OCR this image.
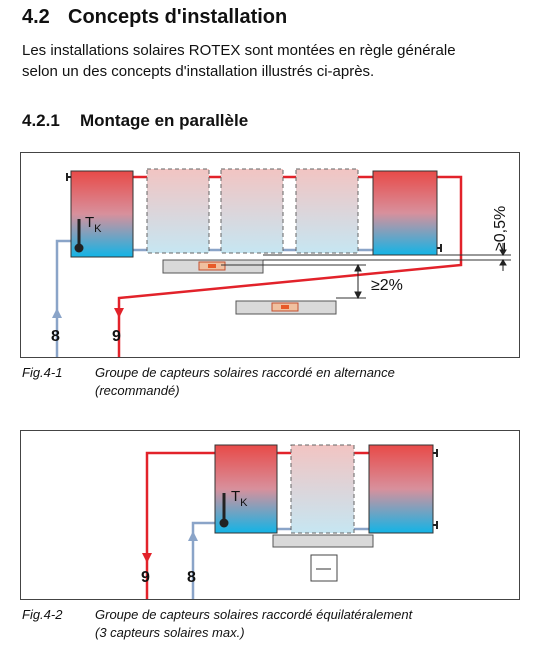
4.2 Concepts d'installation
Les installations solaires ROTEX sont montées en règle générale
selon un des concepts d'installation illustrés ci-après.
4.2.1 Montage en parallèle
$T_K$	≥0,5%
≥2%
8	9
Fig.4-1	Groupe de capteurs solaires raccordé en alternance
(recommandé)
$T_K$
—
9 8
Fig.4-2	Groupe de capteurs solaires raccordé équilatéralement
(3 capteurs solaires max.)
